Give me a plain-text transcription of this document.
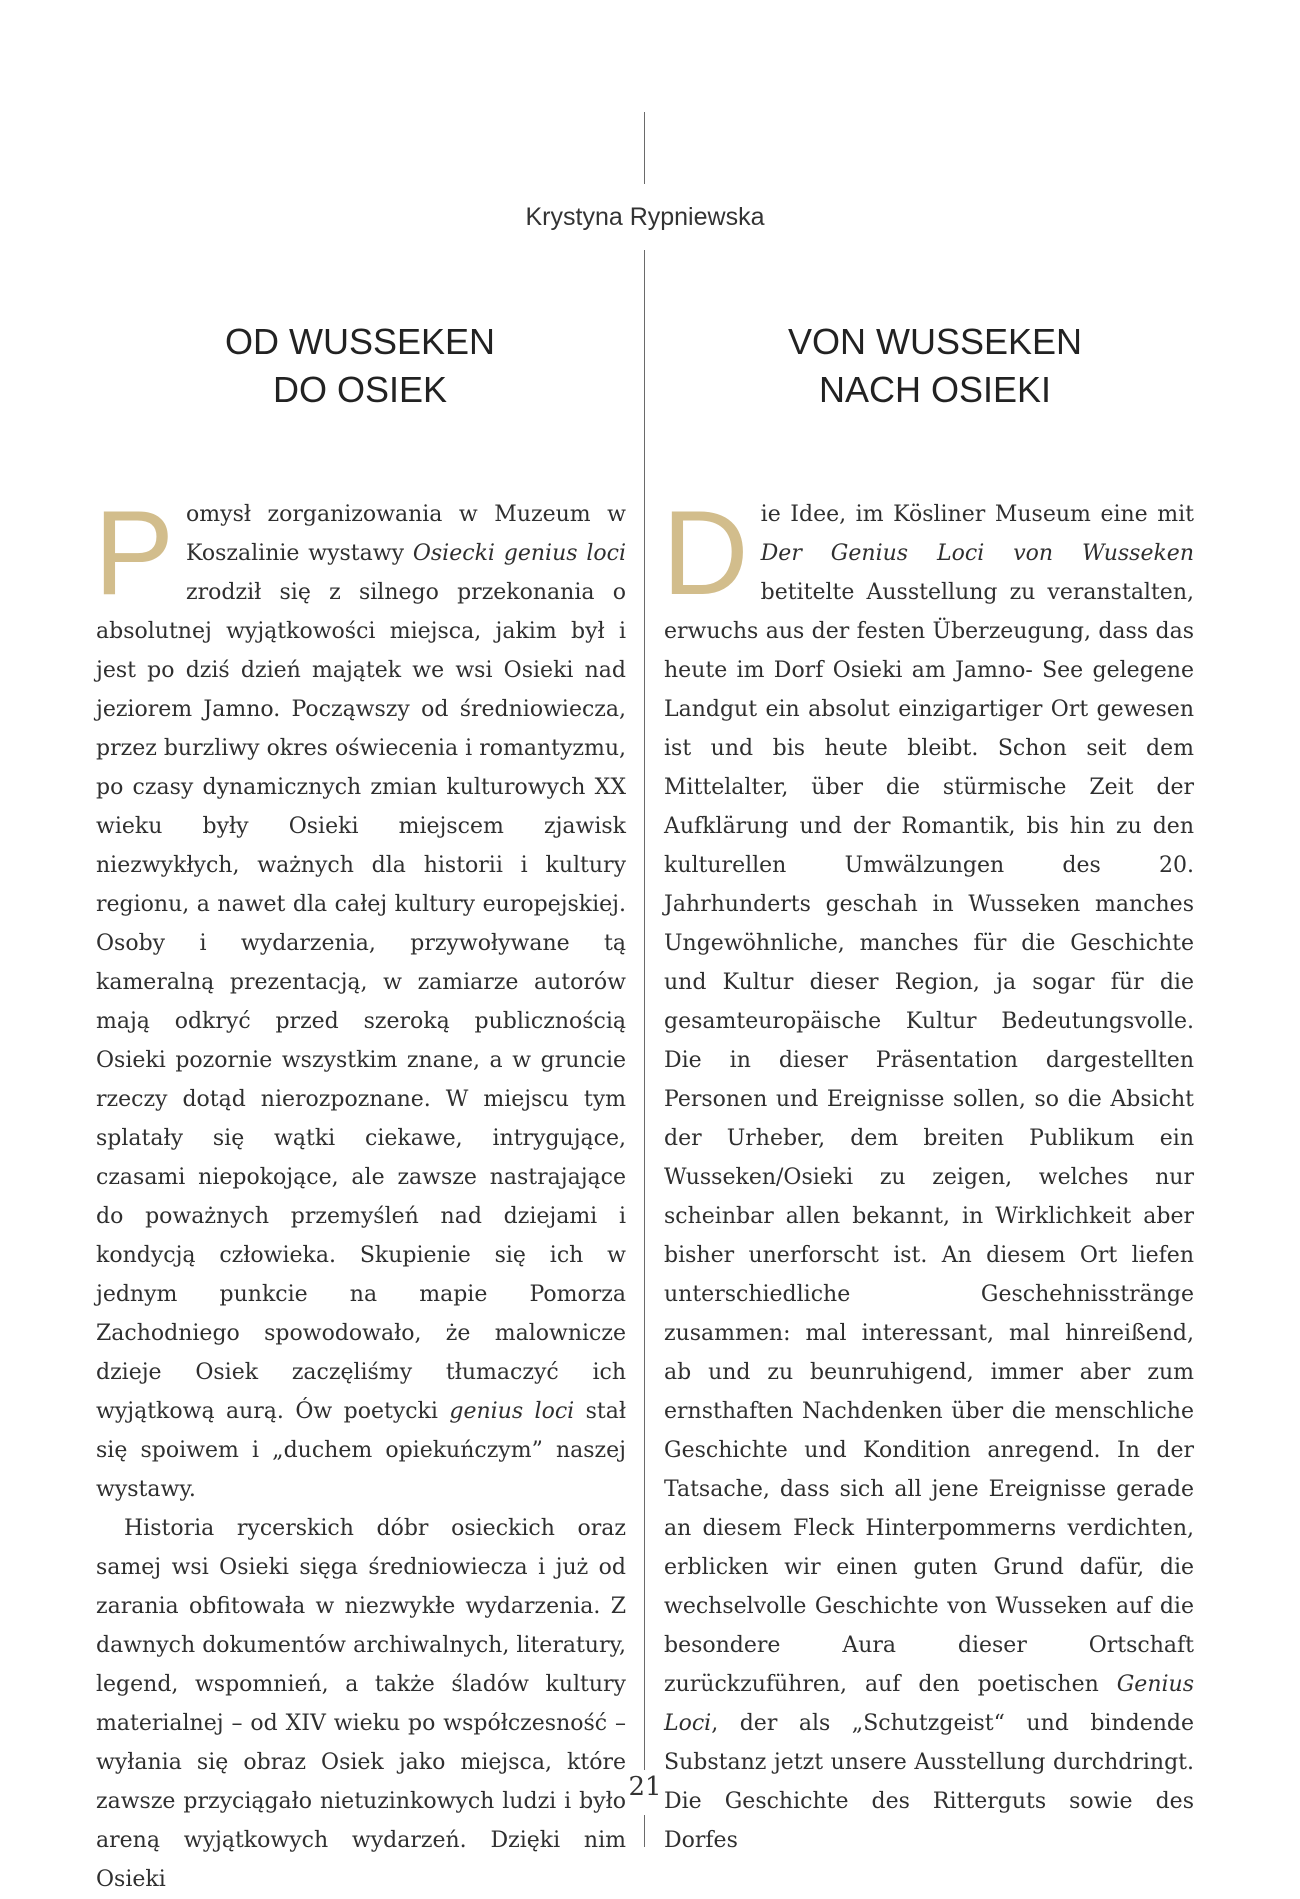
Krystyna Rypniewska
OD WUSSEKEN
DO OSIEK
VON WUSSEKEN
NACH OSIEKI

Pomysł zorganizowania w Muzeum w Koszalinie wystawy Osiecki genius loci zrodził się z silnego przekonania o absolutnej wyjątkowości miejsca, jakim był i jest po dziś dzień majątek we wsi Osieki nad jeziorem Jamno. Począwszy od średniowiecza, przez burzliwy okres oświecenia i romantyzmu, po czasy dynamicznych zmian kulturowych XX wieku były Osieki miejscem zjawisk niezwykłych, ważnych dla historii i kultury regionu, a nawet dla całej kultury europejskiej. Osoby i wydarzenia, przywoływane tą kameralną prezentacją, w zamiarze autorów mają odkryć przed szeroką publicznością Osieki pozornie wszystkim znane, a w gruncie rzeczy dotąd nierozpoznane. W miejscu tym splatały się wątki ciekawe, intrygujące, czasami niepokojące, ale zawsze nastrajające do poważnych przemyśleń nad dziejami i kondycją człowieka. Skupienie się ich w jednym punkcie na mapie Pomorza Zachodniego spowodowało, że malownicze dzieje Osiek zaczęliśmy tłumaczyć ich wyjątkową aurą. Ów poetycki genius loci stał się spoiwem i „duchem opiekuńczym” naszej wystawy.

Historia rycerskich dóbr osieckich oraz samej wsi Osieki sięga średniowiecza i już od zarania obfitowała w niezwykłe wydarzenia. Z dawnych dokumentów archiwalnych, literatury, legend, wspomnień, a także śladów kultury materialnej – od XIV wieku po współczesność – wyłania się obraz Osiek jako miejsca, które zawsze przyciągało nietuzinkowych ludzi i było areną wyjątkowych wydarzeń. Dzięki nim Osieki

Die Idee, im Kösliner Museum eine mit Der Genius Loci von Wusseken betitelte Ausstellung zu veranstalten, erwuchs aus der festen Überzeugung, dass das heute im Dorf Osieki am Jamno- See gelegene Landgut ein absolut einzigartiger Ort gewesen ist und bis heute bleibt. Schon seit dem Mittelalter, über die stürmische Zeit der Aufklärung und der Romantik, bis hin zu den kulturellen Umwälzungen des 20. Jahrhunderts geschah in Wusseken manches Ungewöhnliche, manches für die Geschichte und Kultur dieser Region, ja sogar für die gesamteuropäische Kultur Bedeutungsvolle. Die in dieser Präsentation dargestellten Personen und Ereignisse sollen, so die Absicht der Urheber, dem breiten Publikum ein Wusseken/Osieki zu zeigen, welches nur scheinbar allen bekannt, in Wirklichkeit aber bisher unerforscht ist. An diesem Ort liefen unterschiedliche Geschehnisstränge zusammen: mal interessant, mal hinreißend, ab und zu beunruhigend, immer aber zum ernsthaften Nachdenken über die menschliche Geschichte und Kondition anregend. In der Tatsache, dass sich all jene Ereignisse gerade an diesem Fleck Hinterpommerns verdichten, erblicken wir einen guten Grund dafür, die wechselvolle Geschichte von Wusseken auf die besondere Aura dieser Ortschaft zurückzuführen, auf den poetischen Genius Loci, der als „Schutzgeist“ und bindende Substanz jetzt unsere Ausstellung durchdringt. Die Geschichte des Ritterguts sowie des Dorfes

21
